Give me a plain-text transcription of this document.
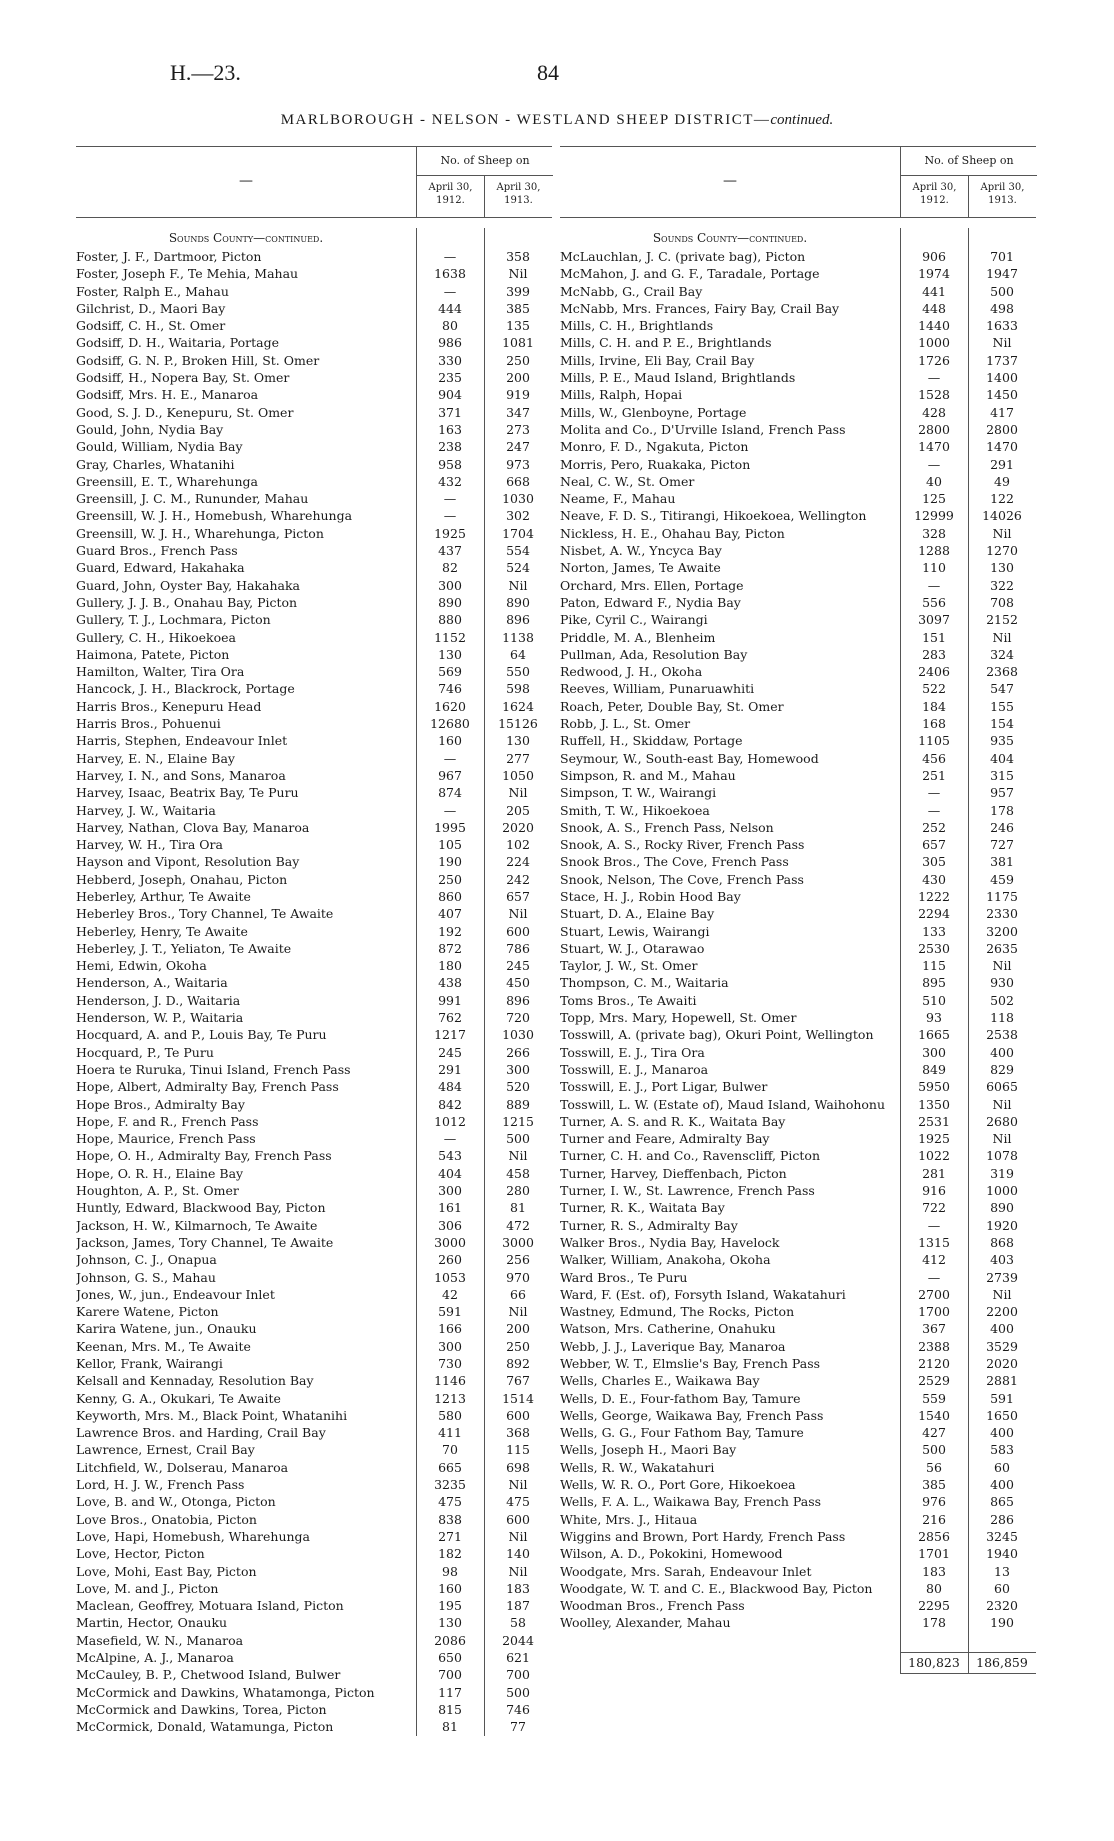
H.—23.	84
MARLBOROUGH - NELSON - WESTLAND SHEEP DISTRICT—continued.
—
No. of Sheep on
April 30, 1912.
April 30, 1913.
Sounds County—continued.
Foster, J. F., Dartmoor, Picton	—	358
Foster, Joseph F., Te Mehia, Mahau	1638	Nil
Foster, Ralph E., Mahau	—	399
Gilchrist, D., Maori Bay	444	385
Godsiff, C. H., St. Omer	80	135
Godsiff, D. H., Waitaria, Portage	986	1081
Godsiff, G. N. P., Broken Hill, St. Omer	330	250
Godsiff, H., Nopera Bay, St. Omer	235	200
Godsiff, Mrs. H. E., Manaroa	904	919
Good, S. J. D., Kenepuru, St. Omer	371	347
Gould, John, Nydia Bay	163	273
Gould, William, Nydia Bay	238	247
Gray, Charles, Whatanihi	958	973
Greensill, E. T., Wharehunga	432	668
Greensill, J. C. M., Rununder, Mahau	—	1030
Greensill, W. J. H., Homebush, Wharehunga	—	302
Greensill, W. J. H., Wharehunga, Picton	1925	1704
Guard Bros., French Pass	437	554
Guard, Edward, Hakahaka	82	524
Guard, John, Oyster Bay, Hakahaka	300	Nil
Gullery, J. J. B., Onahau Bay, Picton	890	890
Gullery, T. J., Lochmara, Picton	880	896
Gullery, C. H., Hikoekoea	1152	1138
Haimona, Patete, Picton	130	64
Hamilton, Walter, Tira Ora	569	550
Hancock, J. H., Blackrock, Portage	746	598
Harris Bros., Kenepuru Head	1620	1624
Harris Bros., Pohuenui	12680	15126
Harris, Stephen, Endeavour Inlet	160	130
Harvey, E. N., Elaine Bay	—	277
Harvey, I. N., and Sons, Manaroa	967	1050
Harvey, Isaac, Beatrix Bay, Te Puru	874	Nil
Harvey, J. W., Waitaria	—	205
Harvey, Nathan, Clova Bay, Manaroa	1995	2020
Harvey, W. H., Tira Ora	105	102
Hayson and Vipont, Resolution Bay	190	224
Hebberd, Joseph, Onahau, Picton	250	242
Heberley, Arthur, Te Awaite	860	657
Heberley Bros., Tory Channel, Te Awaite	407	Nil
Heberley, Henry, Te Awaite	192	600
Heberley, J. T., Yeliaton, Te Awaite	872	786
Hemi, Edwin, Okoha	180	245
Henderson, A., Waitaria	438	450
Henderson, J. D., Waitaria	991	896
Henderson, W. P., Waitaria	762	720
Hocquard, A. and P., Louis Bay, Te Puru	1217	1030
Hocquard, P., Te Puru	245	266
Hoera te Ruruka, Tinui Island, French Pass	291	300
Hope, Albert, Admiralty Bay, French Pass	484	520
Hope Bros., Admiralty Bay	842	889
Hope, F. and R., French Pass	1012	1215
Hope, Maurice, French Pass	—	500
Hope, O. H., Admiralty Bay, French Pass	543	Nil
Hope, O. R. H., Elaine Bay	404	458
Houghton, A. P., St. Omer	300	280
Huntly, Edward, Blackwood Bay, Picton	161	81
Jackson, H. W., Kilmarnoch, Te Awaite	306	472
Jackson, James, Tory Channel, Te Awaite	3000	3000
Johnson, C. J., Onapua	260	256
Johnson, G. S., Mahau	1053	970
Jones, W., jun., Endeavour Inlet	42	66
Karere Watene, Picton	591	Nil
Karira Watene, jun., Onauku	166	200
Keenan, Mrs. M., Te Awaite	300	250
Kellor, Frank, Wairangi	730	892
Kelsall and Kennaday, Resolution Bay	1146	767
Kenny, G. A., Okukari, Te Awaite	1213	1514
Keyworth, Mrs. M., Black Point, Whatanihi	580	600
Lawrence Bros. and Harding, Crail Bay	411	368
Lawrence, Ernest, Crail Bay	70	115
Litchfield, W., Dolserau, Manaroa	665	698
Lord, H. J. W., French Pass	3235	Nil
Love, B. and W., Otonga, Picton	475	475
Love Bros., Onatobia, Picton	838	600
Love, Hapi, Homebush, Wharehunga	271	Nil
Love, Hector, Picton	182	140
Love, Mohi, East Bay, Picton	98	Nil
Love, M. and J., Picton	160	183
Maclean, Geoffrey, Motuara Island, Picton	195	187
Martin, Hector, Onauku	130	58
Masefield, W. N., Manaroa	2086	2044
McAlpine, A. J., Manaroa	650	621
McCauley, B. P., Chetwood Island, Bulwer	700	700
McCormick and Dawkins, Whatamonga, Picton	117	500
McCormick and Dawkins, Torea, Picton	815	746
McCormick, Donald, Watamunga, Picton	81	77
—
No. of Sheep on
April 30, 1912.
April 30, 1913.
Sounds County—continued.
McLauchlan, J. C. (private bag), Picton	906	701
McMahon, J. and G. F., Taradale, Portage	1974	1947
McNabb, G., Crail Bay	441	500
McNabb, Mrs. Frances, Fairy Bay, Crail Bay	448	498
Mills, C. H., Brightlands	1440	1633
Mills, C. H. and P. E., Brightlands	1000	Nil
Mills, Irvine, Eli Bay, Crail Bay	1726	1737
Mills, P. E., Maud Island, Brightlands	—	1400
Mills, Ralph, Hopai	1528	1450
Mills, W., Glenboyne, Portage	428	417
Molita and Co., D'Urville Island, French Pass	2800	2800
Monro, F. D., Ngakuta, Picton	1470	1470
Morris, Pero, Ruakaka, Picton	—	291
Neal, C. W., St. Omer	40	49
Neame, F., Mahau	125	122
Neave, F. D. S., Titirangi, Hikoekoea, Wellington	12999	14026
Nickless, H. E., Ohahau Bay, Picton	328	Nil
Nisbet, A. W., Yncyca Bay	1288	1270
Norton, James, Te Awaite	110	130
Orchard, Mrs. Ellen, Portage	—	322
Paton, Edward F., Nydia Bay	556	708
Pike, Cyril C., Wairangi	3097	2152
Priddle, M. A., Blenheim	151	Nil
Pullman, Ada, Resolution Bay	283	324
Redwood, J. H., Okoha	2406	2368
Reeves, William, Punaruawhiti	522	547
Roach, Peter, Double Bay, St. Omer	184	155
Robb, J. L., St. Omer	168	154
Ruffell, H., Skiddaw, Portage	1105	935
Seymour, W., South-east Bay, Homewood	456	404
Simpson, R. and M., Mahau	251	315
Simpson, T. W., Wairangi	—	957
Smith, T. W., Hikoekoea	—	178
Snook, A. S., French Pass, Nelson	252	246
Snook, A. S., Rocky River, French Pass	657	727
Snook Bros., The Cove, French Pass	305	381
Snook, Nelson, The Cove, French Pass	430	459
Stace, H. J., Robin Hood Bay	1222	1175
Stuart, D. A., Elaine Bay	2294	2330
Stuart, Lewis, Wairangi	133	3200
Stuart, W. J., Otarawao	2530	2635
Taylor, J. W., St. Omer	115	Nil
Thompson, C. M., Waitaria	895	930
Toms Bros., Te Awaiti	510	502
Topp, Mrs. Mary, Hopewell, St. Omer	93	118
Tosswill, A. (private bag), Okuri Point, Wellington	1665	2538
Tosswill, E. J., Tira Ora	300	400
Tosswill, E. J., Manaroa	849	829
Tosswill, E. J., Port Ligar, Bulwer	5950	6065
Tosswill, L. W. (Estate of), Maud Island, Waihohonu	1350	Nil
Turner, A. S. and R. K., Waitata Bay	2531	2680
Turner and Feare, Admiralty Bay	1925	Nil
Turner, C. H. and Co., Ravenscliff, Picton	1022	1078
Turner, Harvey, Dieffenbach, Picton	281	319
Turner, I. W., St. Lawrence, French Pass	916	1000
Turner, R. K., Waitata Bay	722	890
Turner, R. S., Admiralty Bay	—	1920
Walker Bros., Nydia Bay, Havelock	1315	868
Walker, William, Anakoha, Okoha	412	403
Ward Bros., Te Puru	—	2739
Ward, F. (Est. of), Forsyth Island, Wakatahuri	2700	Nil
Wastney, Edmund, The Rocks, Picton	1700	2200
Watson, Mrs. Catherine, Onahuku	367	400
Webb, J. J., Laverique Bay, Manaroa	2388	3529
Webber, W. T., Elmslie's Bay, French Pass	2120	2020
Wells, Charles E., Waikawa Bay	2529	2881
Wells, D. E., Four-fathom Bay, Tamure	559	591
Wells, George, Waikawa Bay, French Pass	1540	1650
Wells, G. G., Four Fathom Bay, Tamure	427	400
Wells, Joseph H., Maori Bay	500	583
Wells, R. W., Wakatahuri	56	60
Wells, W. R. O., Port Gore, Hikoekoea	385	400
Wells, F. A. L., Waikawa Bay, French Pass	976	865
White, Mrs. J., Hitaua	216	286
Wiggins and Brown, Port Hardy, French Pass	2856	3245
Wilson, A. D., Pokokini, Homewood	1701	1940
Woodgate, Mrs. Sarah, Endeavour Inlet	183	13
Woodgate, W. T. and C. E., Blackwood Bay, Picton	80	60
Woodman Bros., French Pass	2295	2320
Woolley, Alexander, Mahau	178	190
180,823	186,859
